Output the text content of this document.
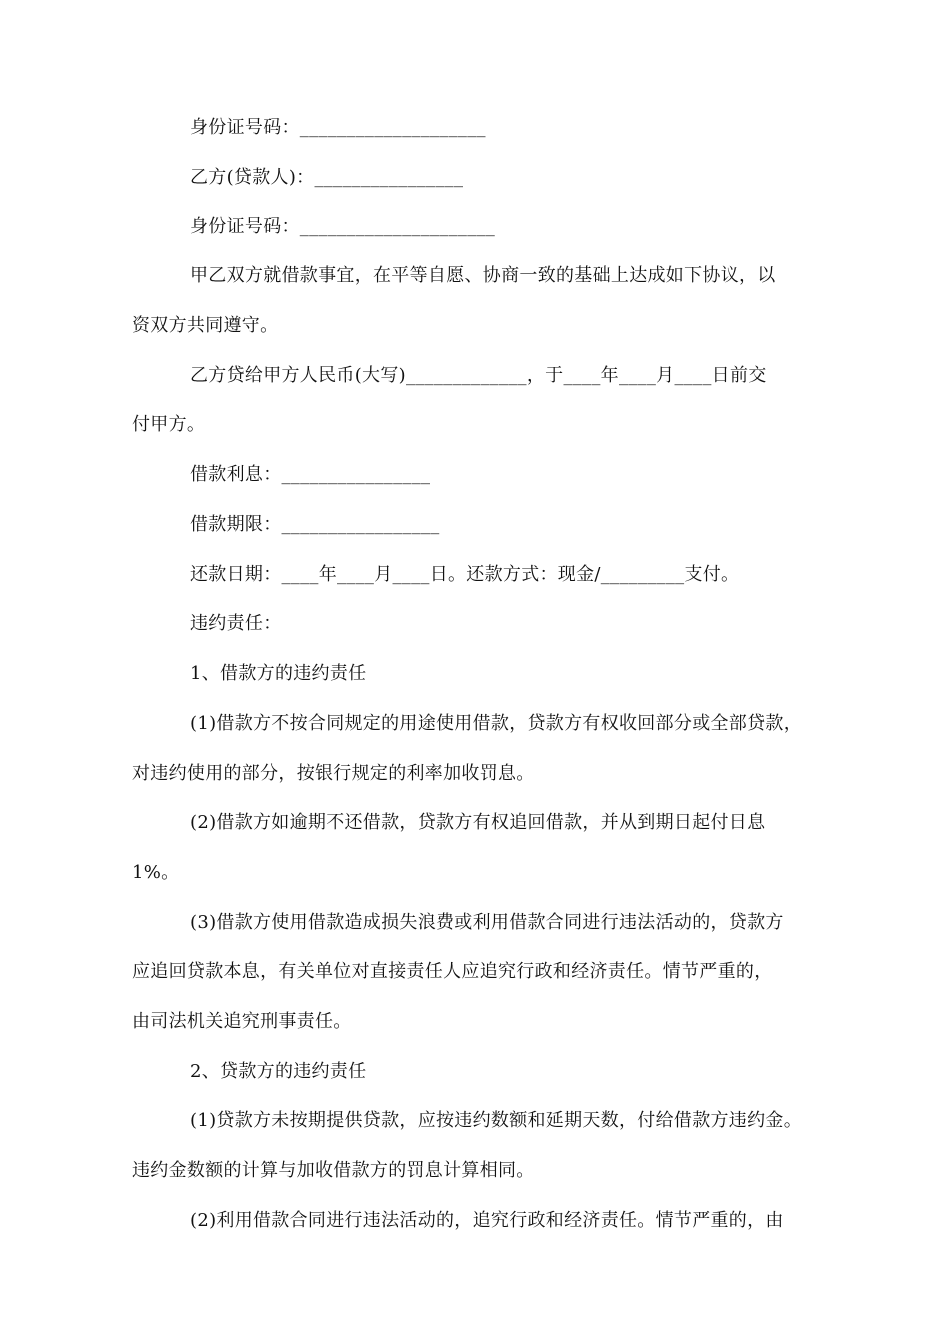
身份证号码：____________________
乙方(贷款人)：________________
身份证号码：_____________________
甲乙双方就借款事宜，在平等自愿、协商一致的基础上达成如下协议，以
资双方共同遵守。
乙方贷给甲方人民币(大写)_____________，于____年____月____日前交
付甲方。
借款利息：________________
借款期限：_________________
还款日期：____年____月____日。还款方式：现金/_________支付。
违约责任：
1、借款方的违约责任
(1)借款方不按合同规定的用途使用借款，贷款方有权收回部分或全部贷款，
对违约使用的部分，按银行规定的利率加收罚息。
(2)借款方如逾期不还借款，贷款方有权追回借款，并从到期日起付日息
1%。
(3)借款方使用借款造成损失浪费或利用借款合同进行违法活动的，贷款方
应追回贷款本息，有关单位对直接责任人应追究行政和经济责任。情节严重的，
由司法机关追究刑事责任。
2、贷款方的违约责任
(1)贷款方未按期提供贷款，应按违约数额和延期天数，付给借款方违约金。
违约金数额的计算与加收借款方的罚息计算相同。
(2)利用借款合同进行违法活动的，追究行政和经济责任。情节严重的，由
